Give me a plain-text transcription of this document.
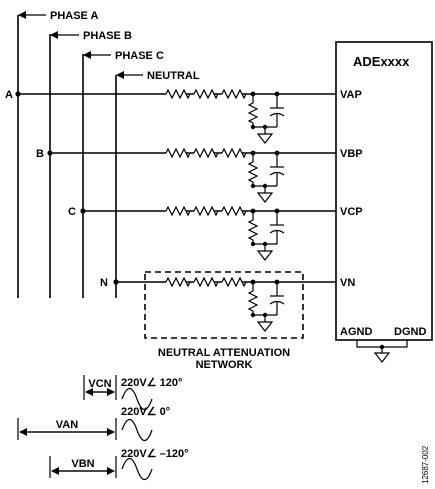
PHASE A
PHASE B
PHASE C
NEUTRAL
A
B
C
N
ADExxxx
VAP
VBP
VCP
VN
AGND DGND
NEUTRAL ATTENUATION
NETWORK
VCN 220V∠ 120°
VAN
220V∠ 0°
VBN
220V∠ –120°	12687-002
